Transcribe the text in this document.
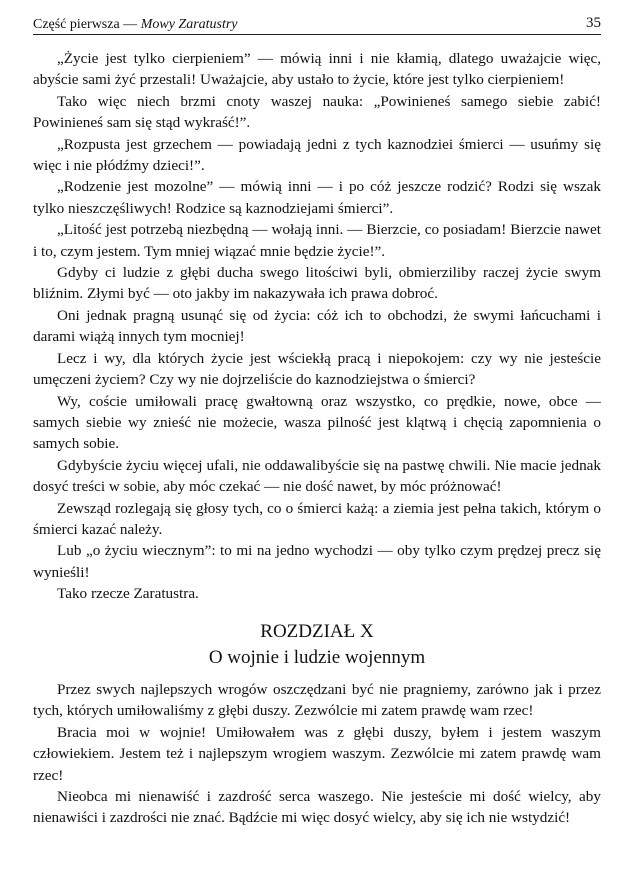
Część pierwsza — Mowy Zaratustry	35

„Życie jest tylko cierpieniem” — mówią inni i nie kłamią, dlatego uważajcie więc, abyście sami żyć przestali! Uważajcie, aby ustało to życie, które jest tylko cierpieniem!

Tako więc niech brzmi cnoty waszej nauka: „Powinieneś samego siebie zabić! Powinieneś sam się stąd wykraść!”.

„Rozpusta jest grzechem — powiadają jedni z tych kaznodziei śmierci — usuńmy się więc i nie płódźmy dzieci!”.

„Rodzenie jest mozolne” — mówią inni — i po cóż jeszcze rodzić? Rodzi się wszak tylko nieszczęśliwych! Rodzice są kaznodziejami śmierci”.

„Litość jest potrzebą niezbędną — wołają inni. — Bierzcie, co posiadam! Bierzcie nawet i to, czym jestem. Tym mniej wiązać mnie będzie życie!”.

Gdyby ci ludzie z głębi ducha swego litościwi byli, obmierziliby raczej życie swym bliźnim. Złymi być — oto jakby im nakazywała ich prawa dobroć.

Oni jednak pragną usunąć się od życia: cóż ich to obchodzi, że swymi łańcuchami i darami wiążą innych tym mocniej!

Lecz i wy, dla których życie jest wściekłą pracą i niepokojem: czy wy nie jesteście umęczeni życiem? Czy wy nie dojrzeliście do kaznodziejstwa o śmierci?

Wy, coście umiłowali pracę gwałtowną oraz wszystko, co prędkie, nowe, obce — samych siebie wy znieść nie możecie, wasza pilność jest klątwą i chęcią zapomnienia o samych sobie.

Gdybyście życiu więcej ufali, nie oddawalibyście się na pastwę chwili. Nie macie jednak dosyć treści w sobie, aby móc czekać — nie dość nawet, by móc próżnować!

Zewsząd rozlegają się głosy tych, co o śmierci każą: a ziemia jest pełna takich, którym o śmierci kazać należy.

Lub „o życiu wiecznym”: to mi na jedno wychodzi — oby tylko czym prędzej precz się wynieśli!

Tako rzecze Zaratustra.

ROZDZIAŁ X
O wojnie i ludzie wojennym

Przez swych najlepszych wrogów oszczędzani być nie pragniemy, zarówno jak i przez tych, których umiłowaliśmy z głębi duszy. Zezwólcie mi zatem prawdę wam rzec!

Bracia moi w wojnie! Umiłowałem was z głębi duszy, byłem i jestem waszym człowiekiem. Jestem też i najlepszym wrogiem waszym. Zezwólcie mi zatem prawdę wam rzec!

Nieobca mi nienawiść i zazdrość serca waszego. Nie jesteście mi dość wielcy, aby nienawiści i zazdrości nie znać. Bądźcie mi więc dosyć wielcy, aby się ich nie wstydzić!
